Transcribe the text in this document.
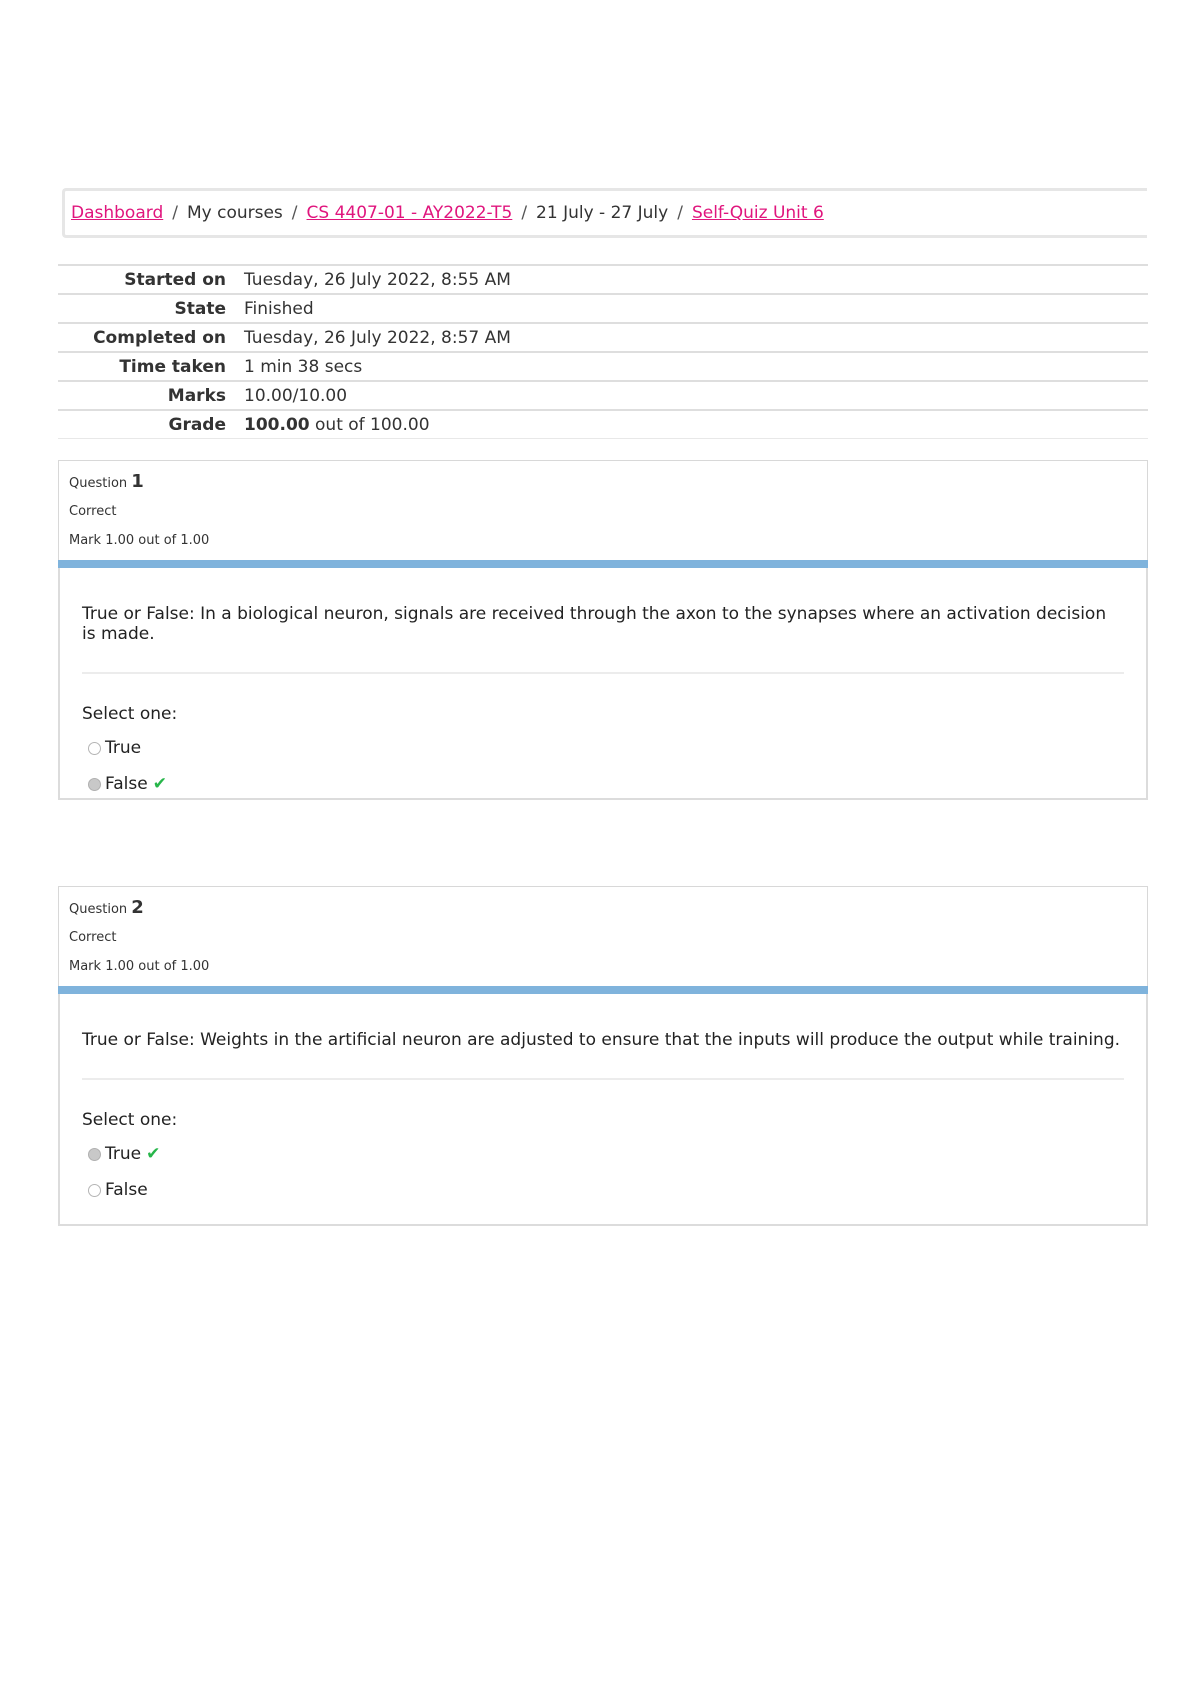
Dashboard / My courses / CS 4407-01 - AY2022-T5 / 21 July - 27 July / Self-Quiz Unit 6
Started on	Tuesday, 26 July 2022, 8:55 AM
State	Finished
Completed on	Tuesday, 26 July 2022, 8:57 AM
Time taken	1 min 38 secs
Marks	10.00/10.00
Grade	100.00 out of 100.00
Question 1
Correct
Mark 1.00 out of 1.00
True or False: In a biological neuron, signals are received through the axon to the synapses where an activation decision is made.
Select one:
True
False ✔
Question 2
Correct
Mark 1.00 out of 1.00
True or False: Weights in the artificial neuron are adjusted to ensure that the inputs will produce the output while training.
Select one:
True ✔
False
